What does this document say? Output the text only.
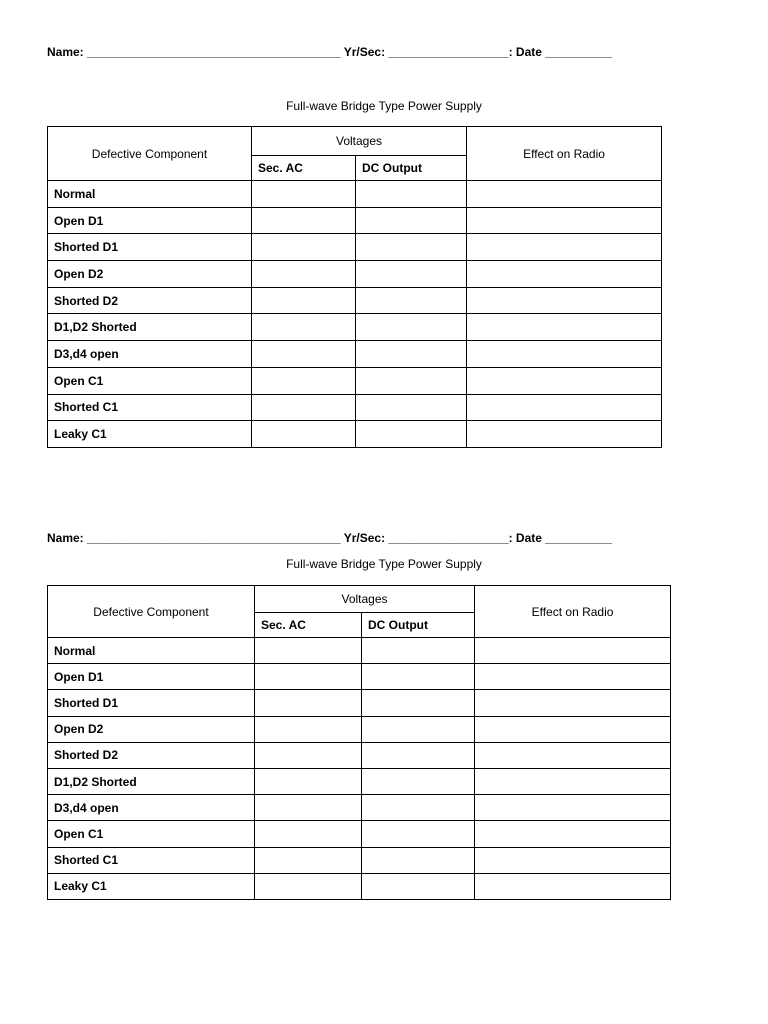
Name: ______________________________________ Yr/Sec: __________________: Date __________
Full-wave Bridge Type Power Supply
Defective Component	Voltages		Effect on Radio
	Sec. AC	DC Output	
Normal			
Open D1			
Shorted D1			
Open D2			
Shorted D2			
D1,D2 Shorted			
D3,d4 open			
Open C1			
Shorted C1			
Leaky C1			
Name: ______________________________________ Yr/Sec: __________________: Date __________
Full-wave Bridge Type Power Supply
Defective Component	Voltages		Effect on Radio
	Sec. AC	DC Output	
Normal			
Open D1			
Shorted D1			
Open D2			
Shorted D2			
D1,D2 Shorted			
D3,d4 open			
Open C1			
Shorted C1			
Leaky C1			
